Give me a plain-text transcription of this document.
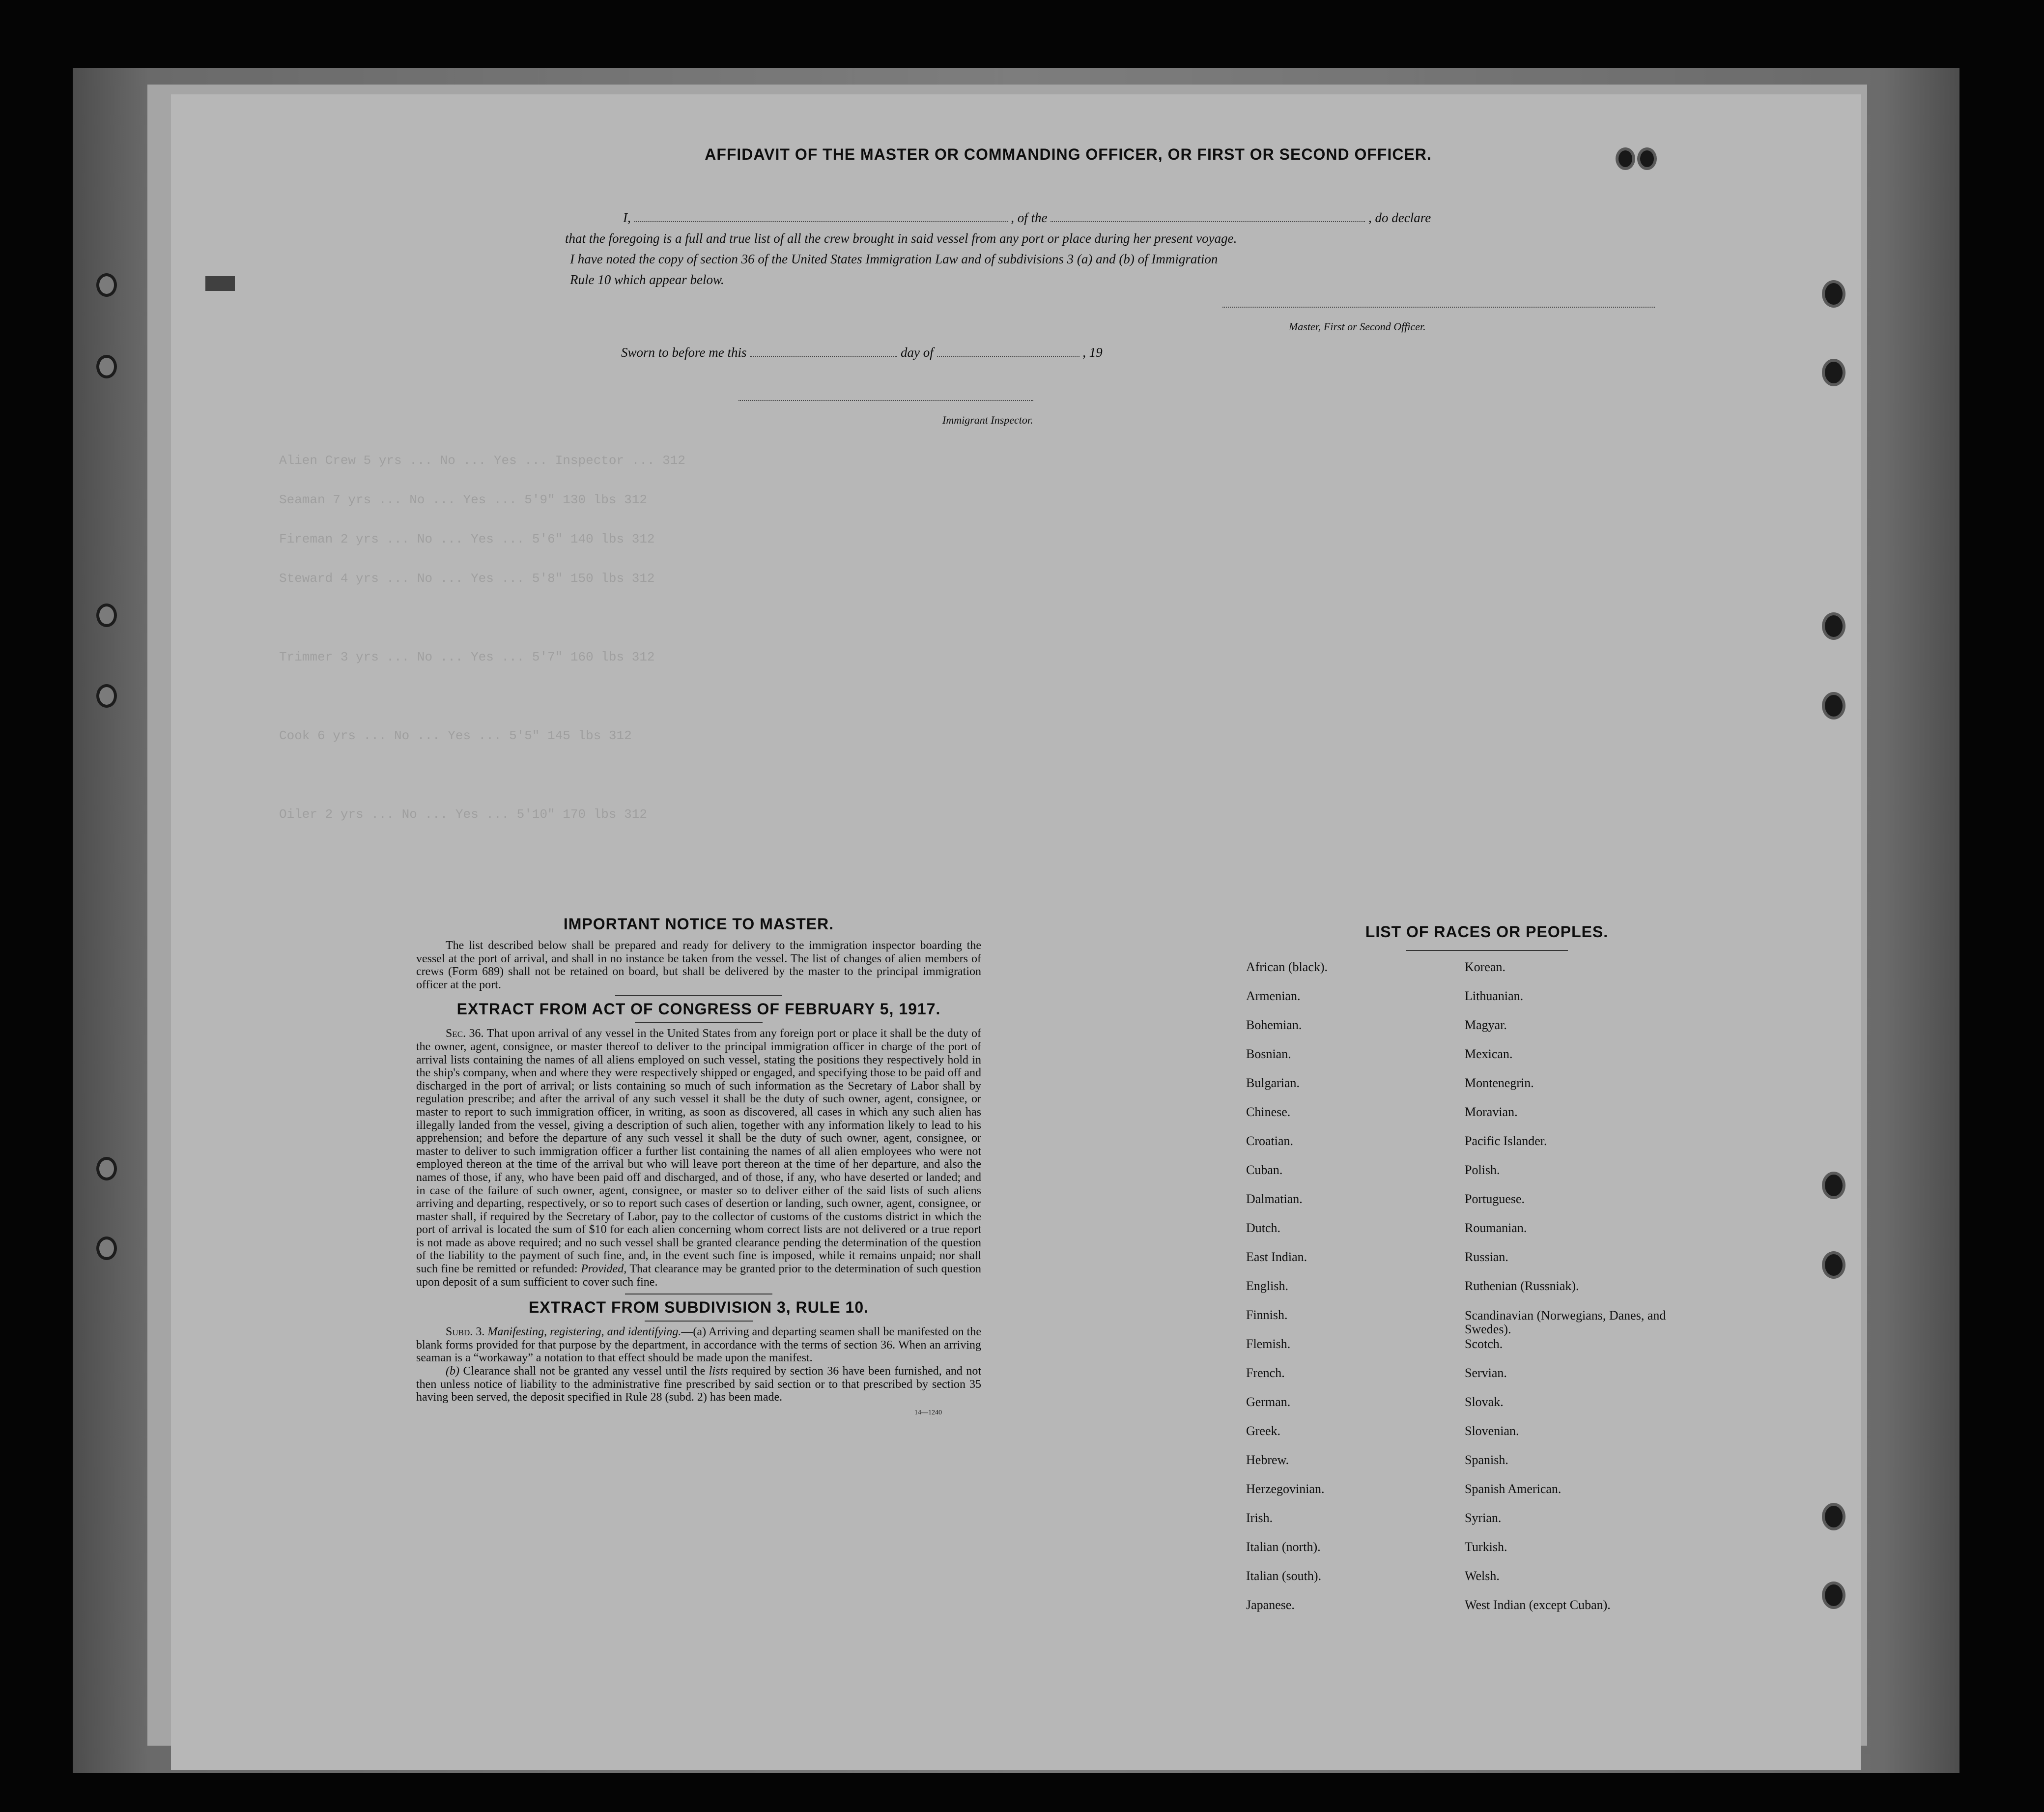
Alien Crew 5 yrs ... No ... Yes ... Inspector ... 312
Seaman 7 yrs ... No ... Yes ... 5'9" 130 lbs 312
Fireman 2 yrs ... No ... Yes ... 5'6" 140 lbs 312
Steward 4 yrs ... No ... Yes ... 5'8" 150 lbs 312
Trimmer 3 yrs ... No ... Yes ... 5'7" 160 lbs 312
Cook 6 yrs ... No ... Yes ... 5'5" 145 lbs 312
Oiler 2 yrs ... No ... Yes ... 5'10" 170 lbs 312
AFFIDAVIT OF THE MASTER OR COMMANDING OFFICER, OR FIRST OR SECOND OFFICER.
I,	, of the	, do declare
that the foregoing is a full and true list of all the crew brought in said vessel from any port or place during her present voyage.
I have noted the copy of section 36 of the United States Immigration Law and of subdivisions 3 (a) and (b) of Immigration
Rule 10 which appear below.
Master, First or Second Officer.
Sworn to before me this	day of	, 19
Immigrant Inspector.

IMPORTANT NOTICE TO MASTER.

The list described below shall be prepared and ready for delivery to the immigration inspector boarding the vessel at the port of arrival, and shall in no instance be taken from the vessel. The list of changes of alien members of crews (Form 689) shall not be retained on board, but shall be delivered by the master to the principal immigration officer at the port.

EXTRACT FROM ACT OF CONGRESS OF FEBRUARY 5, 1917.

Sec. 36. That upon arrival of any vessel in the United States from any foreign port or place it shall be the duty of the owner, agent, consignee, or master thereof to deliver to the principal immigration officer in charge of the port of arrival lists containing the names of all aliens employed on such vessel, stating the positions they respectively hold in the ship's company, when and where they were respectively shipped or engaged, and specifying those to be paid off and discharged in the port of arrival; or lists containing so much of such information as the Secretary of Labor shall by regulation prescribe; and after the arrival of any such vessel it shall be the duty of such owner, agent, consignee, or master to report to such immigration officer, in writing, as soon as discovered, all cases in which any such alien has illegally landed from the vessel, giving a description of such alien, together with any information likely to lead to his apprehension; and before the departure of any such vessel it shall be the duty of such owner, agent, consignee, or master to deliver to such immigration officer a further list containing the names of all alien employees who were not employed thereon at the time of the arrival but who will leave port thereon at the time of her departure, and also the names of those, if any, who have been paid off and discharged, and of those, if any, who have deserted or landed; and in case of the failure of such owner, agent, consignee, or master so to deliver either of the said lists of such aliens arriving and departing, respectively, or so to report such cases of desertion or landing, such owner, agent, consignee, or master shall, if required by the Secretary of Labor, pay to the collector of customs of the customs district in which the port of arrival is located the sum of $10 for each alien concerning whom correct lists are not delivered or a true report is not made as above required; and no such vessel shall be granted clearance pending the determination of the question of the liability to the payment of such fine, and, in the event such fine is imposed, while it remains unpaid; nor shall such fine be remitted or refunded: Provided, That clearance may be granted prior to the determination of such question upon deposit of a sum sufficient to cover such fine.

EXTRACT FROM SUBDIVISION 3, RULE 10.

Subd. 3. Manifesting, registering, and identifying.—(a) Arriving and departing seamen shall be manifested on the blank forms provided for that purpose by the department, in accordance with the terms of section 36. When an arriving seaman is a “workaway” a notation to that effect should be made upon the manifest.

(b) Clearance shall not be granted any vessel until the lists required by section 36 have been furnished, and not then unless notice of liability to the administrative fine prescribed by said section or to that prescribed by section 35 having been served, the deposit specified in Rule 28 (subd. 2) has been made.

14—1240
LIST OF RACES OR PEOPLES.
African (black).	Korean.
Armenian.	Lithuanian.
Bohemian.	Magyar.
Bosnian.	Mexican.
Bulgarian.	Montenegrin.
Chinese.	Moravian.
Croatian.	Pacific Islander.
Cuban.	Polish.
Dalmatian.	Portuguese.
Dutch.	Roumanian.
East Indian.	Russian.
English.	Ruthenian (Russniak).
Finnish.	Scandinavian (Norwegians, Danes, and Swedes).
Flemish.	Scotch.
French.	Servian.
German.	Slovak.
Greek.	Slovenian.
Hebrew.	Spanish.
Herzegovinian.	Spanish American.
Irish.	Syrian.
Italian (north).	Turkish.
Italian (south).	Welsh.
Japanese.	West Indian (except Cuban).
